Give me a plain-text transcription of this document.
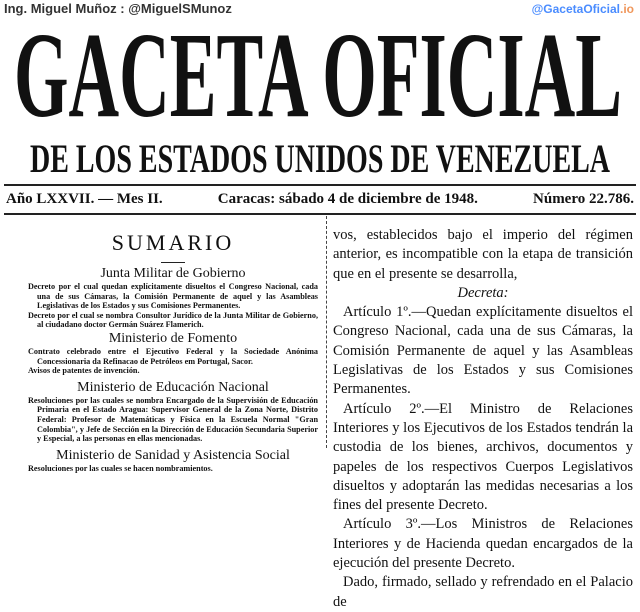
Ing. Miguel Muñoz : @MiguelSMunoz	@GacetaOficial.io
GACETA OFICIAL
DE LOS ESTADOS UNIDOS DE VENEZUELA
Año LXXVII. — Mes II.	Caracas: sábado 4 de diciembre de 1948.	Número 22.786.
SUMARIO
Junta Militar de Gobierno

Decreto por el cual quedan explícitamente disueltos el Congreso Nacional, cada una de sus Cámaras, la Comisión Permanente de aquel y las Asambleas Legislativas de los Estados y sus Comisiones Permanentes.

Decreto por el cual se nombra Consultor Jurídico de la Junta Militar de Gobierno, al ciudadano doctor Germán Suárez Flamerich.

Ministerio de Fomento

Contrato celebrado entre el Ejecutivo Federal y la Sociedade Anónima Concessionaria da Refinacao de Petróleos em Portugal, Sacor.

Avisos de patentes de invención.

Ministerio de Educación Nacional

Resoluciones por las cuales se nombra Encargado de la Supervisión de Educación Primaria en el Estado Aragua: Supervisor General de la Zona Norte, Distrito Federal: Profesor de Matemáticas y Física en la Escuela Normal "Gran Colombia", y Jefe de Sección en la Dirección de Educación Secundaria Superior y Especial, a las personas en ellas mencionadas.

Ministerio de Sanidad y Asistencia Social

Resoluciones por las cuales se hacen nombramientos.

vos, establecidos bajo el imperio del régimen anterior, es incompatible con la etapa de transición que en el presente se desarrolla,

Decreta:

Artículo 1º.—Quedan explícitamente disueltos el Congreso Nacional, cada una de sus Cámaras, la Comisión Permanente de aquel y las Asambleas Legislativas de los Estados y sus Comisiones Permanentes.

Artículo 2º.—El Ministro de Relaciones Interiores y los Ejecutivos de los Estados tendrán la custodia de los bienes, archivos, documentos y papeles de los respectivos Cuerpos Legislativos disueltos y adoptarán las medidas necesarias a los fines del presente Decreto.

Artículo 3º.—Los Ministros de Relaciones Interiores y de Hacienda quedan encargados de la ejecución del presente Decreto.

Dado, firmado, sellado y refrendado en el Palacio de
